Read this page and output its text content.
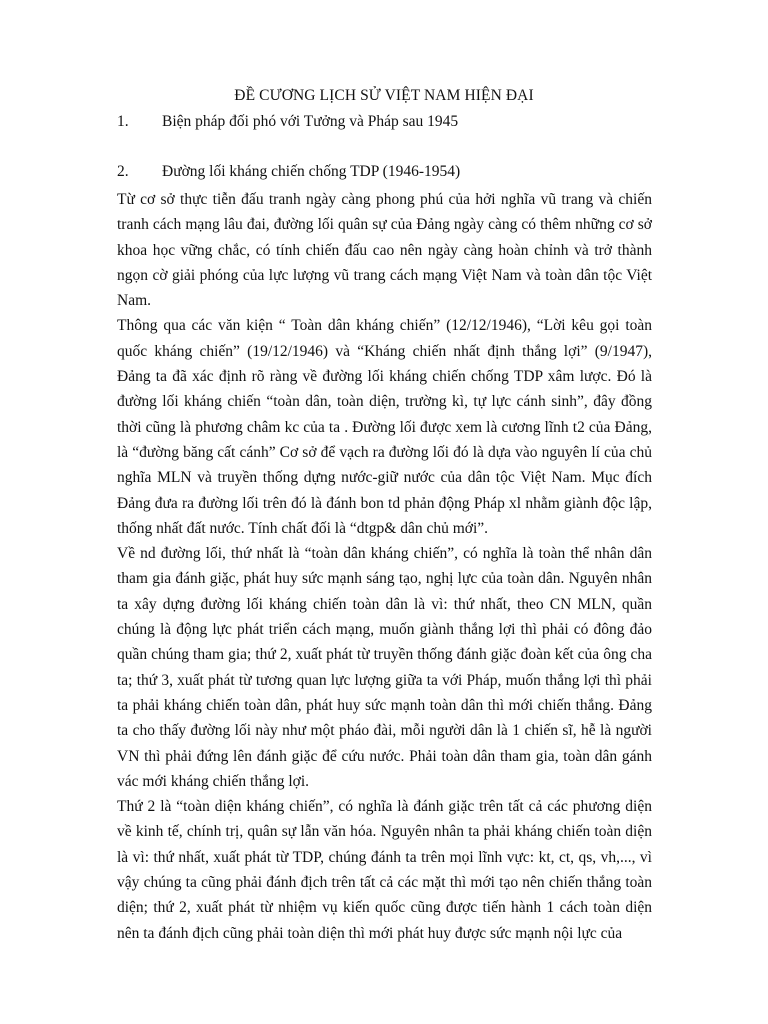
ĐỀ CƯƠNG LỊCH SỬ VIỆT NAM HIỆN ĐẠI
1. Biện pháp đối phó với Tưởng và Pháp sau 1945
2. Đường lối kháng chiến chống TDP (1946-1954)

Từ cơ sở thực tiễn đấu tranh ngày càng phong phú của hởi nghĩa vũ trang và chiến tranh cách mạng lâu đai, đường lối quân sự của Đảng ngày càng có thêm những cơ sở khoa học vững chắc, có tính chiến đấu cao nên ngày càng hoàn chỉnh và trở thành ngọn cờ giải phóng của lực lượng vũ trang cách mạng Việt Nam và toàn dân tộc Việt Nam.

Thông qua các văn kiện “ Toàn dân kháng chiến” (12/12/1946), “Lời kêu gọi toàn quốc kháng chiến” (19/12/1946) và “Kháng chiến nhất định thắng lợi” (9/1947), Đảng ta đã xác định rõ ràng về đường lối kháng chiến chống TDP xâm lược. Đó là đường lối kháng chiến “toàn dân, toàn diện, trường kì, tự lực cánh sinh”, đây đồng thời cũng là phương châm kc của ta . Đường lối được xem là cương lĩnh t2 của Đảng, là “đường băng cất cánh” Cơ sở để vạch ra đường lối đó là dựa vào nguyên lí của chủ nghĩa MLN và truyền thống dựng nước-giữ nước của dân tộc Việt Nam. Mục đích Đảng đưa ra đường lối trên đó là đánh bon td phản động Pháp xl nhằm giành độc lập, thống nhất đất nước. Tính chất đối là “dtgp& dân chủ mới”.

Về nd đường lối, thứ nhất là “toàn dân kháng chiến”, có nghĩa là toàn thể nhân dân tham gia đánh giặc, phát huy sức mạnh sáng tạo, nghị lực của toàn dân. Nguyên nhân ta xây dựng đường lối kháng chiến toàn dân là vì: thứ nhất, theo CN MLN, quần chúng là động lực phát triển cách mạng, muốn giành thắng lợi thì phải có đông đảo quần chúng tham gia; thứ 2, xuất phát từ truyền thống đánh giặc đoàn kết của ông cha ta; thứ 3, xuất phát từ tương quan lực lượng giữa ta với Pháp, muốn thắng lợi thì phải ta phải kháng chiến toàn dân, phát huy sức mạnh toàn dân thì mới chiến thắng. Đảng ta cho thấy đường lối này như một pháo đài, mỗi người dân là 1 chiến sĩ, hễ là người VN thì phải đứng lên đánh giặc để cứu nước. Phải toàn dân tham gia, toàn dân gánh vác mới kháng chiến thắng lợi.

Thứ 2 là “toàn diện kháng chiến”, có nghĩa là đánh giặc trên tất cả các phương diện về kinh tế, chính trị, quân sự lẫn văn hóa. Nguyên nhân ta phải kháng chiến toàn diện là vì: thứ nhất, xuất phát từ TDP, chúng đánh ta trên mọi lĩnh vực: kt, ct, qs, vh,..., vì vậy chúng ta cũng phải đánh địch trên tất cả các mặt thì mới tạo nên chiến thắng toàn diện; thứ 2, xuất phát từ nhiệm vụ kiến quốc cũng được tiến hành 1 cách toàn diện nên ta đánh địch cũng phải toàn diện thì mới phát huy được sức mạnh nội lực của
